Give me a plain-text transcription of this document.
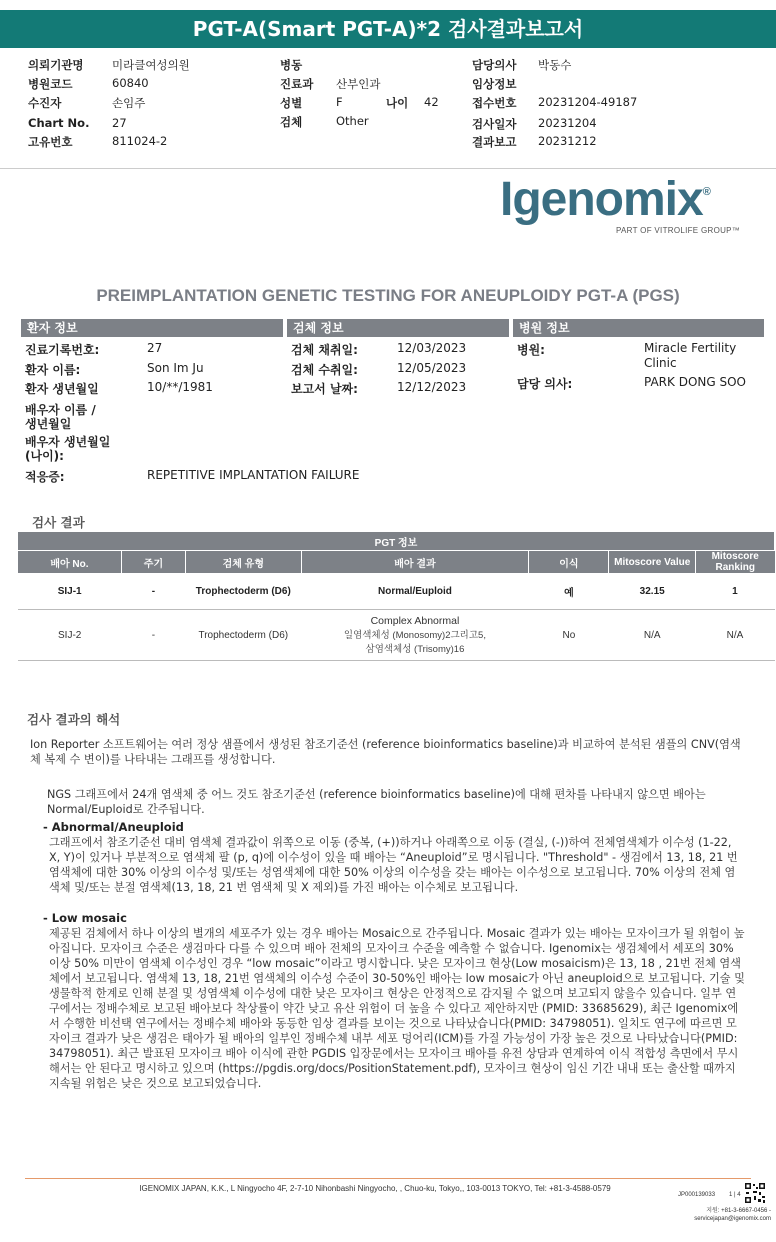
PGT-A(Smart PGT-A)*2 검사결과보고서
의뢰기관명 미라클여성의원
병원코드	60840
수진자	손임주
Chart No. 27
고유번호	811024-2
병동
진료과 산부인과
성별	F
검체	Other
나이 42
담당의사 박동수
임상정보
접수번호 20231204-49187
검사일자 20231204
결과보고 20231212
Igenomix®
PART OF VITROLIFE GROUP™
PREIMPLANTATION GENETIC TESTING FOR ANEUPLOIDY PGT-A (PGS)
환자 정보	검체 정보	병원 정보
진료기록번호:	27
환자 이름:	Son Im Ju
환자 생년월일	10/**/1981
배우자 이름 /
생년월일
배우자 생년월일
(나이):
적응증:	REPETITIVE IMPLANTATION FAILURE
검체 채취일:	12/03/2023
검체 수취일:	12/05/2023
보고서 날짜:	12/12/2023
병원:	Miracle Fertility
Clinic
담당 의사:	PARK DONG SOO
검사 결과
PGT 정보						
배아 No.	주기	검체 유형	배아 결과	이식	Mitoscore Value	Mitoscore Ranking
SIJ-1	-	Trophectoderm (D6)	Normal/Euploid	예	32.15	1
SIJ-2	-	Trophectoderm (D6)	Complex Abnormal
일염색체성 (Monosomy)2그리고5,
삼염색체성 (Trisomy)16	No	N/A	N/A
검사 결과의 해석
Ion Reporter 소프트웨어는 여러 정상 샘플에서 생성된 참조기준선 (reference bioinformatics baseline)과 비교하여 분석된 샘플의 CNV(염색체 복제 수 변이)를 나타내는 그래프를 생성합니다.
NGS 그래프에서 24개 염색체 중 어느 것도 참조기준선 (reference bioinformatics baseline)에 대해 편차를 나타내지 않으면 배아는 Normal/Euploid로 간주됩니다.
- Abnormal/Aneuploid
그래프에서 참조기준선 대비 염색체 결과값이 위쪽으로 이동 (중복, (+))하거나 아래쪽으로 이동 (결실, (-))하여 전체염색체가 이수성 (1-22, X, Y)이 있거나 부분적으로 염색체 팔 (p, q)에 이수성이 있을 때 배아는 “Aneuploid”로 명시됩니다. "Threshold" - 생검에서 13, 18, 21 번 염색체에 대한 30% 이상의 이수성 및/또는 성염색체에 대한 50% 이상의 이수성을 갖는 배아는 이수성으로 보고됩니다. 70% 이상의 전체 염색체 및/또는 분절 염색체(13, 18, 21 번 염색체 및 X 제외)를 가진 배아는 이수체로 보고됩니다.
- Low mosaic
제공된 검체에서 하나 이상의 별개의 세포주가 있는 경우 배아는 Mosaic으로 간주됩니다. Mosaic 결과가 있는 배아는 모자이크가 될 위험이 높아집니다. 모자이크 수준은 생검마다 다를 수 있으며 배아 전체의 모자이크 수준을 예측할 수 없습니다. Igenomix는 생검체에서 세포의 30% 이상 50% 미만이 염색체 이수성인 경우 “low mosaic”이라고 명시합니다. 낮은 모자이크 현상(Low mosaicism)은 13, 18 , 21번 전체 염색체에서 보고됩니다. 염색체 13, 18, 21번 염색체의 이수성 수준이 30-50%인 배아는 low mosaic가 아닌 aneuploid으로 보고됩니다. 기술 및 생물학적 한계로 인해 분절 및 성염색체 이수성에 대한 낮은 모자이크 현상은 안정적으로 감지될 수 없으며 보고되지 않을수 있습니다. 일부 연구에서는 정배수체로 보고된 배아보다 착상률이 약간 낮고 유산 위험이 더 높을 수 있다고 제안하지만 (PMID: 33685629), 최근 Igenomix에서 수행한 비선택 연구에서는 정배수체 배아와 동등한 임상 결과를 보이는 것으로 나타났습니다(PMID: 34798051). 일치도 연구에 따르면 모자이크 결과가 낮은 생검은 태아가 될 배아의 일부인 정배수체 내부 세포 덩어리(ICM)를 가질 가능성이 가장 높은 것으로 나타났습니다(PMID: 34798051). 최근 발표된 모자이크 배아 이식에 관한 PGDIS 입장문에서는 모자이크 배아를 유전 상담과 연계하여 이식 적합성 측면에서 무시해서는 안 된다고 명시하고 있으며 (https://pgdis.org/docs/PositionStatement.pdf), 모자이크 현상이 임신 기간 내내 또는 출산할 때까지 지속될 위험은 낮은 것으로 보고되었습니다.
IGENOMIX JAPAN, K.K., L Ningyocho 4F, 2-7-10 Nihonbashi Ningyocho, , Chuo-ku, Tokyo,, 103-0013 TOKYO, Tel: +81-3-4588-0579
JP000139033 1 | 4
지원: +81-3-6667-0456 -
servicejapan@igenomix.com
